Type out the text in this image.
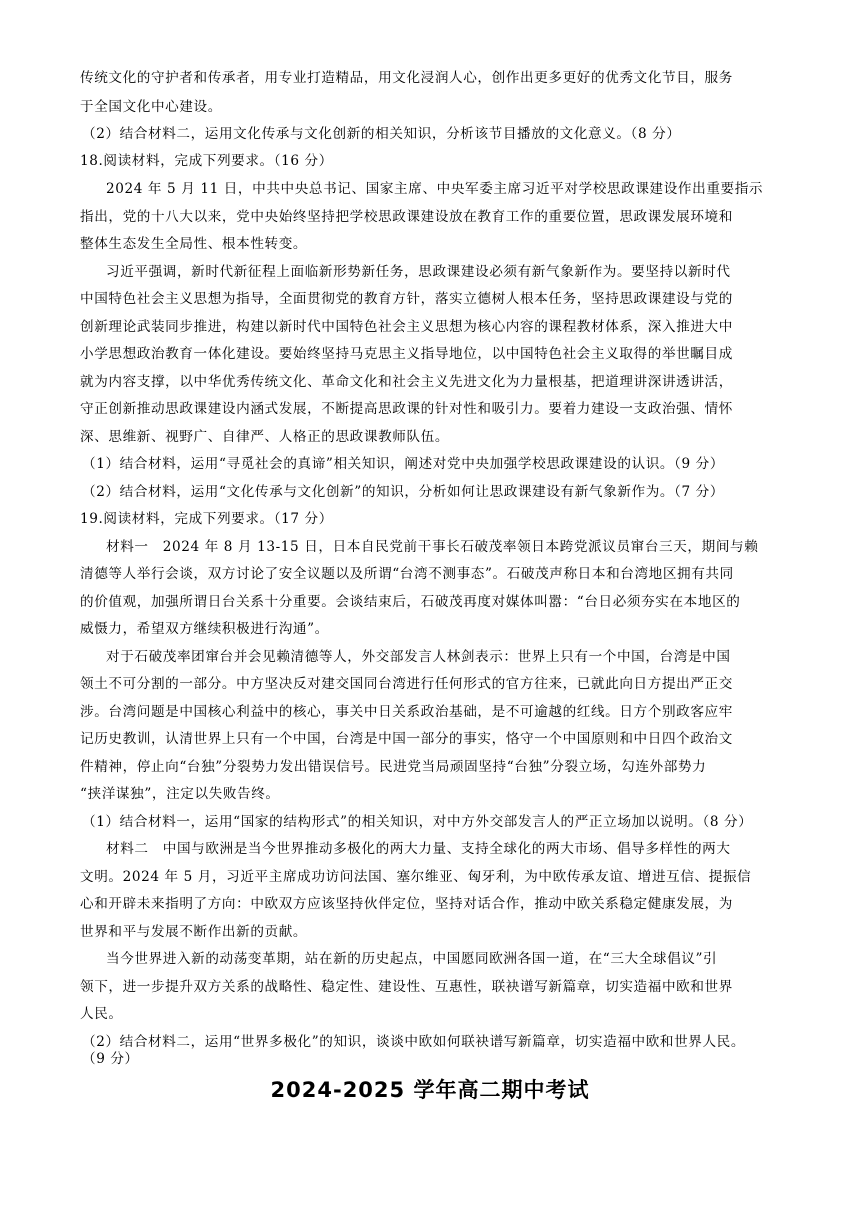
传统文化的守护者和传承者，用专业打造精品，用文化浸润人心，创作出更多更好的优秀文化节目，服务
于全国文化中心建设。
（2）结合材料二，运用文化传承与文化创新的相关知识，分析该节目播放的文化意义。（8 分）
18.阅读材料，完成下列要求。（16 分）
2024 年 5 月 11 日，中共中央总书记、国家主席、中央军委主席习近平对学校思政课建设作出重要指示
指出，党的十八大以来，党中央始终坚持把学校思政课建设放在教育工作的重要位置，思政课发展环境和
整体生态发生全局性、根本性转变。
习近平强调，新时代新征程上面临新形势新任务，思政课建设必须有新气象新作为。要坚持以新时代
中国特色社会主义思想为指导，全面贯彻党的教育方针，落实立德树人根本任务，坚持思政课建设与党的
创新理论武装同步推进，构建以新时代中国特色社会主义思想为核心内容的课程教材体系，深入推进大中
小学思想政治教育一体化建设。要始终坚持马克思主义指导地位，以中国特色社会主义取得的举世瞩目成
就为内容支撑，以中华优秀传统文化、革命文化和社会主义先进文化为力量根基，把道理讲深讲透讲活，
守正创新推动思政课建设内涵式发展，不断提高思政课的针对性和吸引力。要着力建设一支政治强、情怀
深、思维新、视野广、自律严、人格正的思政课教师队伍。
（1）结合材料，运用“寻觅社会的真谛”相关知识，阐述对党中央加强学校思政课建设的认识。（9 分）
（2）结合材料，运用“文化传承与文化创新”的知识，分析如何让思政课建设有新气象新作为。（7 分）
19.阅读材料，完成下列要求。（17 分）
材料一　2024 年 8 月 13-15 日，日本自民党前干事长石破茂率领日本跨党派议员窜台三天，期间与赖
清德等人举行会谈，双方讨论了安全议题以及所谓“台湾不测事态”。石破茂声称日本和台湾地区拥有共同
的价值观，加强所谓日台关系十分重要。会谈结束后，石破茂再度对媒体叫嚣：“台日必须夯实在本地区的
威慑力，希望双方继续积极进行沟通”。
对于石破茂率团窜台并会见赖清德等人，外交部发言人林剑表示：世界上只有一个中国，台湾是中国
领土不可分割的一部分。中方坚决反对建交国同台湾进行任何形式的官方往来，已就此向日方提出严正交
涉。台湾问题是中国核心利益中的核心，事关中日关系政治基础，是不可逾越的红线。日方个别政客应牢
记历史教训，认清世界上只有一个中国，台湾是中国一部分的事实，恪守一个中国原则和中日四个政治文
件精神，停止向“台独”分裂势力发出错误信号。民进党当局顽固坚持“台独”分裂立场，勾连外部势力
“挟洋谋独”，注定以失败告终。
（1）结合材料一，运用“国家的结构形式”的相关知识，对中方外交部发言人的严正立场加以说明。（8 分）
材料二　中国与欧洲是当今世界推动多极化的两大力量、支持全球化的两大市场、倡导多样性的两大
文明。2024 年 5 月，习近平主席成功访问法国、塞尔维亚、匈牙利，为中欧传承友谊、增进互信、提振信
心和开辟未来指明了方向：中欧双方应该坚持伙伴定位，坚持对话合作，推动中欧关系稳定健康发展，为
世界和平与发展不断作出新的贡献。
当今世界进入新的动荡变革期，站在新的历史起点，中国愿同欧洲各国一道，在“三大全球倡议”引
领下，进一步提升双方关系的战略性、稳定性、建设性、互惠性，联袂谱写新篇章，切实造福中欧和世界
人民。
（2）结合材料二，运用“世界多极化”的知识，谈谈中欧如何联袂谱写新篇章，切实造福中欧和世界人民。
（9 分）
2024-2025 学年高二期中考试
